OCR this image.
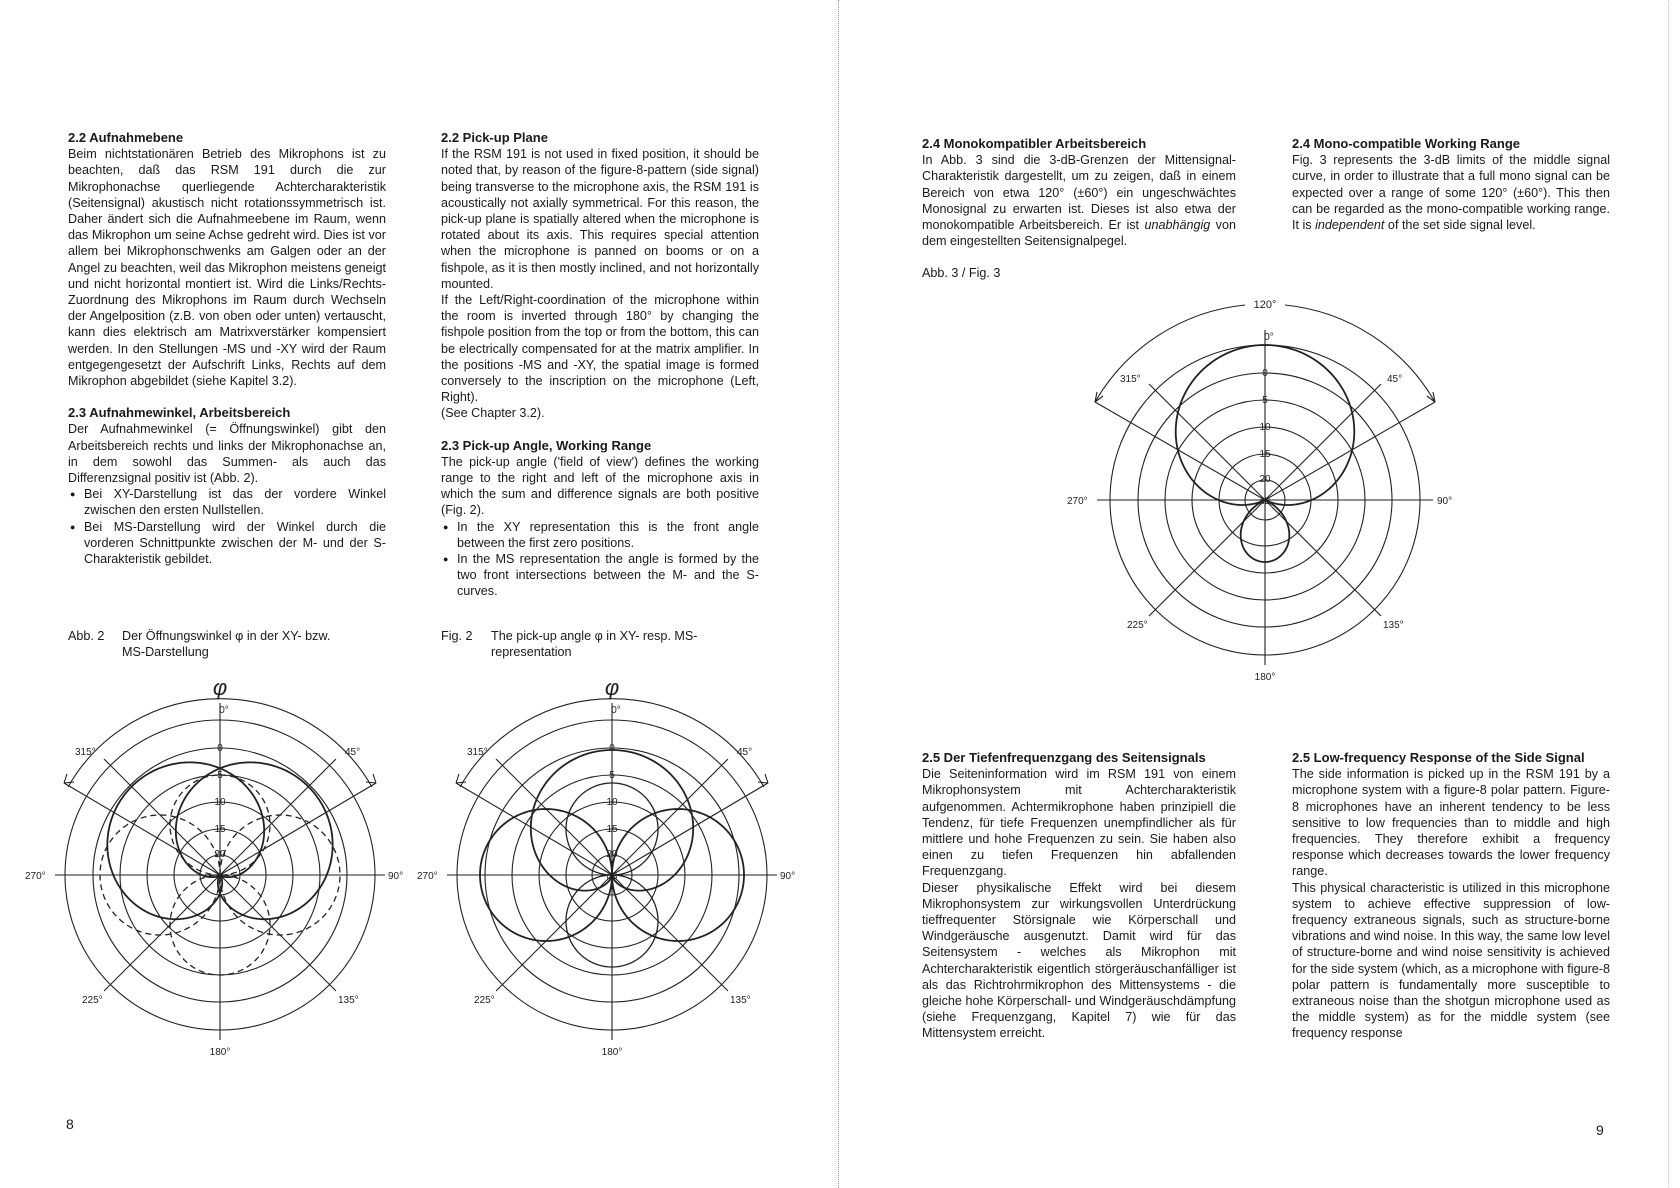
2.2 Aufnahmebene

Beim nichtstationären Betrieb des Mikrophons ist zu beachten, daß das RSM 191 durch die zur Mikrophonachse querliegende Achtercharakteristik (Seitensignal) akustisch nicht rotationssymmetrisch ist. Daher ändert sich die Aufnahmeebene im Raum, wenn das Mikrophon um seine Achse gedreht wird. Dies ist vor allem bei Mikrophonschwenks am Galgen oder an der Angel zu beachten, weil das Mikrophon meistens geneigt und nicht horizontal montiert ist. Wird die Links/Rechts-Zuordnung des Mikrophons im Raum durch Wechseln der Angelposition (z.B. von oben oder unten) vertauscht, kann dies elektrisch am Matrixverstärker kompensiert werden. In den Stellungen -MS und -XY wird der Raum entgegengesetzt der Aufschrift Links, Rechts auf dem Mikrophon abgebildet (siehe Kapitel 3.2).

2.3 Aufnahmewinkel, Arbeitsbereich

Der Aufnahmewinkel (= Öffnungswinkel) gibt den Arbeitsbereich rechts und links der Mikrophonachse an, in dem sowohl das Summen- als auch das Differenzsignal positiv ist (Abb. 2).

● Bei XY-Darstellung ist das der vordere Winkel zwischen den ersten Nullstellen.
● Bei MS-Darstellung wird der Winkel durch die vorderen Schnittpunkte zwischen der M- und der S- Charakteristik gebildet.
2.2 Pick-up Plane

If the RSM 191 is not used in fixed position, it should be noted that, by reason of the figure-8-pattern (side signal) being transverse to the microphone axis, the RSM 191 is acoustically not axially symmetrical. For this reason, the pick-up plane is spatially altered when the microphone is rotated about its axis. This requires special attention when the microphone is panned on booms or on a fishpole, as it is then mostly inclined, and not horizontally mounted.

If the Left/Right-coordination of the microphone within the room is inverted through 180° by changing the fishpole position from the top or from the bottom, this can be electrically compensated for at the matrix amplifier. In the positions -MS and -XY, the spatial image is formed conversely to the inscription on the microphone (Left, Right).

(See Chapter 3.2).

2.3 Pick-up Angle, Working Range

The pick-up angle ('field of view') defines the working range to the right and left of the microphone axis in which the sum and difference signals are both positive (Fig. 2).

● In the XY representation this is the front angle between the first zero positions.
● In the MS representation the angle is formed by the two front intersections between the M- and the S-curves.
Abb. 2 Der Öffnungswinkel φ in der XY- bzw.
MS-Darstellung
Fig. 2 The pick-up angle φ in XY- resp. MS-
representation
φ
0°
45°
90°
135°
180°
225°
270°
315°	0
5
10
15
20
φ
0°
45°
90°
135°
180°
225°
270°
315°	0
5
10
15
20
dB
8
2.4 Monokompatibler Arbeitsbereich

In Abb. 3 sind die 3-dB-Grenzen der Mittensignal-Charakteristik dargestellt, um zu zeigen, daß in einem Bereich von etwa 120° (±60°) ein ungeschwächtes Monosignal zu erwarten ist. Dieses ist also etwa der monokompatible Arbeitsbereich. Er ist unabhängig von dem eingestellten Seitensignalpegel.

Abb. 3 / Fig. 3

2.4 Mono-compatible Working Range

Fig. 3 represents the 3-dB limits of the middle signal curve, in order to illustrate that a full mono signal can be expected over a range of some 120° (±60°). This then can be regarded as the mono-compatible working range. It is independent of the set side signal level.

120°
0°
45°
90°
135°
180°
225°
270°
315°
0
5
10
15
20
dB
2.5 Der Tiefenfrequenzgang des Seitensignals

Die Seiteninformation wird im RSM 191 von einem Mikrophonsystem mit Achtercharakteristik aufgenommen. Achtermikrophone haben prinzipiell die Tendenz, für tiefe Frequenzen unempfindlicher als für mittlere und hohe Frequenzen zu sein. Sie haben also einen zu tiefen Frequenzen hin abfallenden Frequenzgang.

Dieser physikalische Effekt wird bei diesem Mikrophonsystem zur wirkungsvollen Unterdrückung tieffrequenter Störsignale wie Körperschall und Windgeräusche ausgenutzt. Damit wird für das Seitensystem - welches als Mikrophon mit Achtercharakteristik eigentlich störgeräuschanfälliger ist als das Richtrohrmikrophon des Mittensystems - die gleiche hohe Körperschall- und Windgeräuschdämpfung (siehe Frequenzgang, Kapitel 7) wie für das Mittensystem erreicht.

2.5 Low-frequency Response of the Side Signal

The side information is picked up in the RSM 191 by a microphone system with a figure-8 polar pattern. Figure-8 microphones have an inherent tendency to be less sensitive to low frequencies than to middle and high frequencies. They therefore exhibit a frequency response which decreases towards the lower frequency range.

This physical characteristic is utilized in this microphone system to achieve effective suppression of low-frequency extraneous signals, such as structure-borne vibrations and wind noise. In this way, the same low level of structure-borne and wind noise sensitivity is achieved for the side system (which, as a microphone with figure-8 polar pattern is fundamentally more susceptible to extraneous noise than the shotgun microphone used as the middle system) as for the middle system (see frequency response

9
